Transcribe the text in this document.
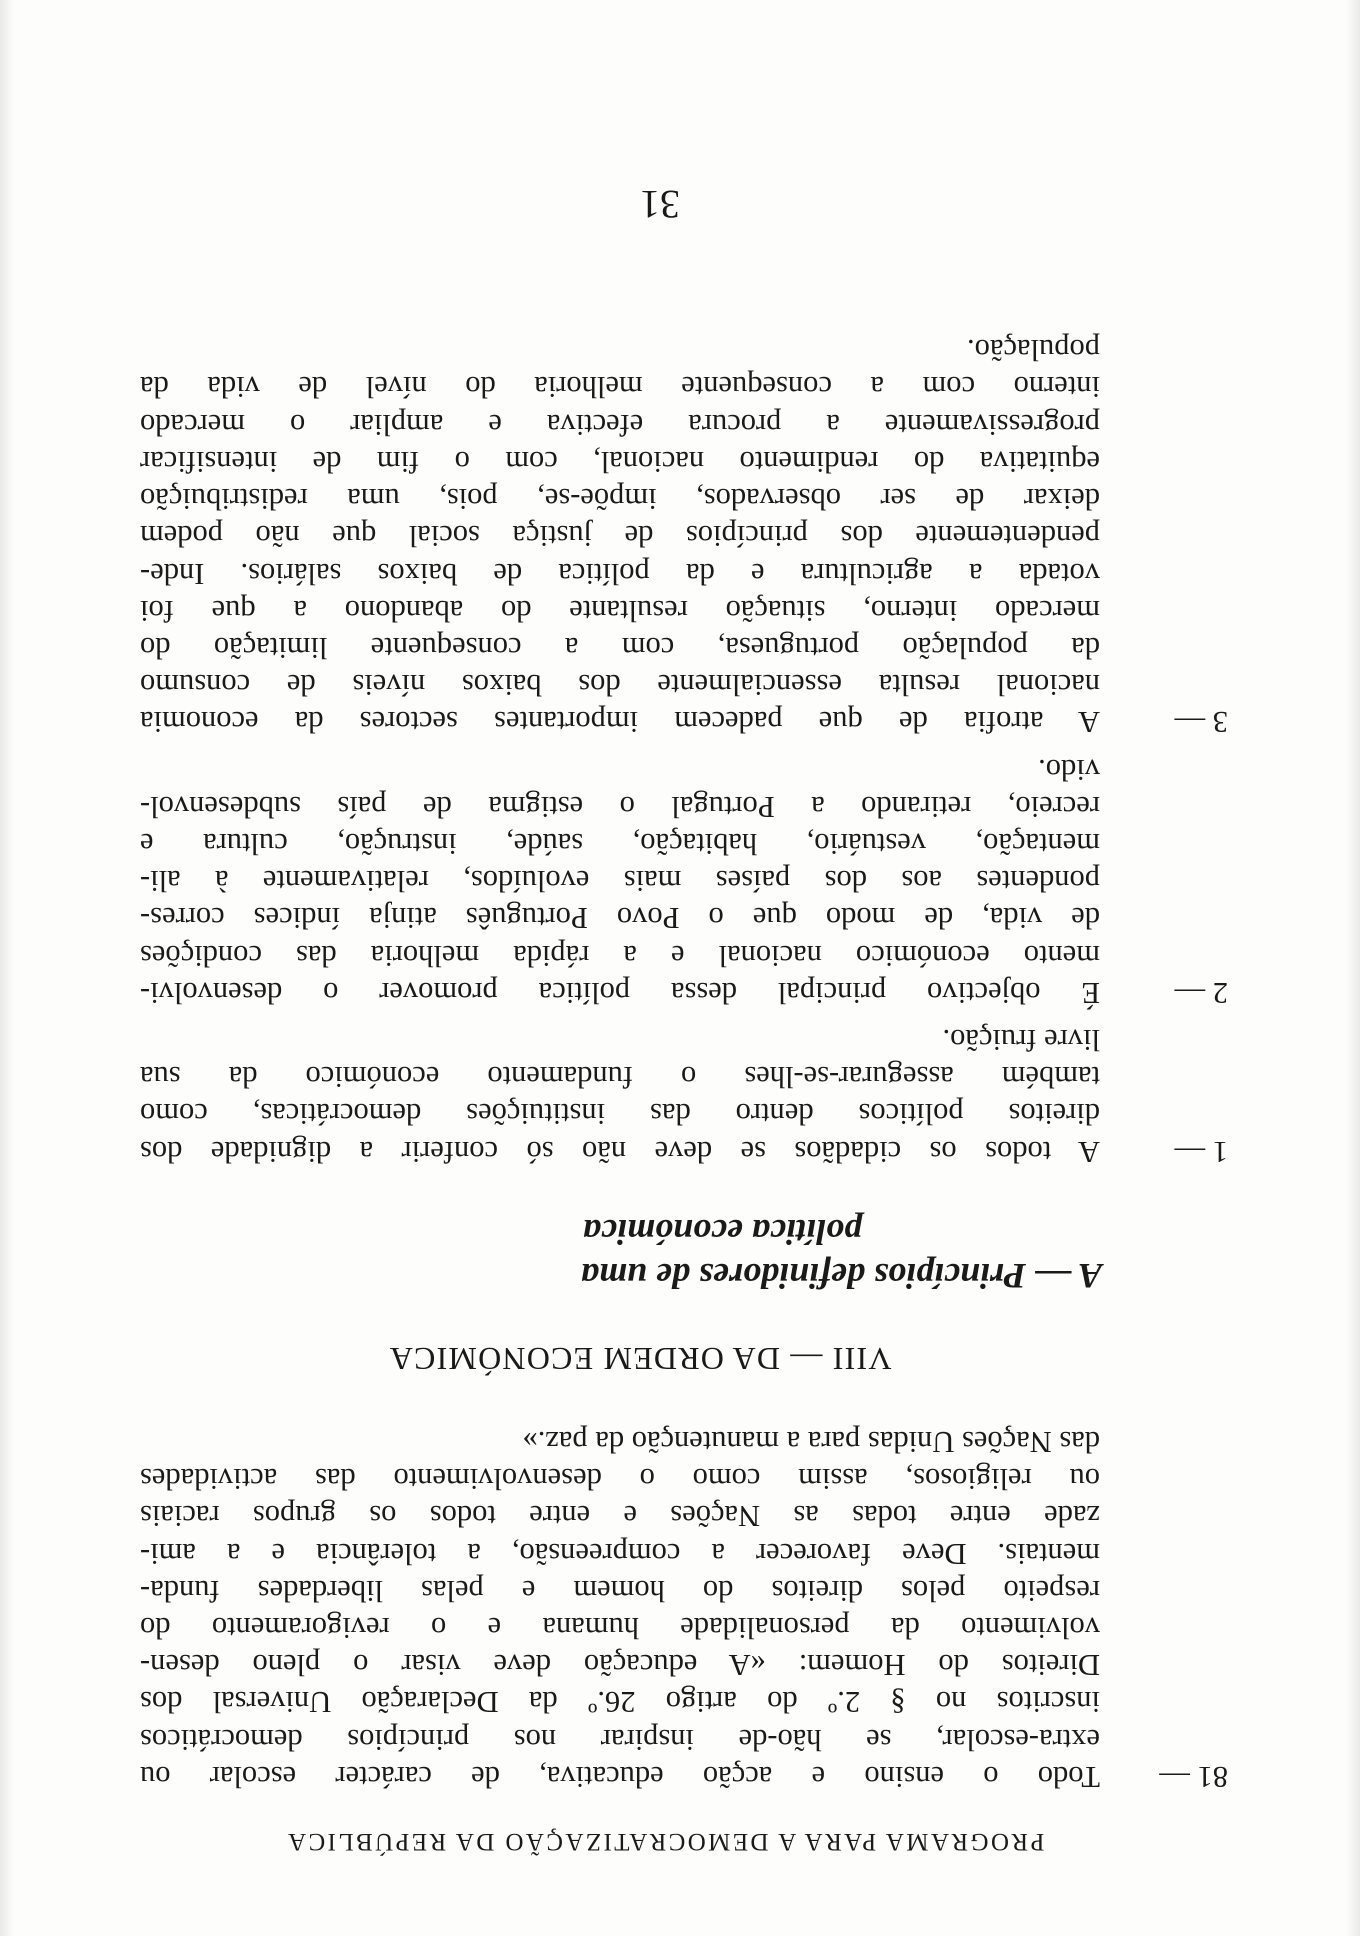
PROGRAMA PARA A DEMOCRATIZAÇÃO DA REPÚBLICA
81 —
Todo o ensino e acção educativa, de carácter escolar ou
extra-escolar, se hão-de inspirar nos princípios democráticos
inscritos no § 2.º do artigo 26.º da Declaração Universal dos
Direitos do Homem: «A educação deve visar o pleno desen-
volvimento da personalidade humana e o revigoramento do
respeito pelos direitos do homem e pelas liberdades funda-
mentais. Deve favorecer a compreensão, a tolerância e a ami-
zade entre todas as Nações e entre todos os grupos raciais
ou religiosos, assim como o desenvolvimento das actividades
das Nações Unidas para a manutenção da paz.»
VIII — DA ORDEM ECONÓMICA
A — Princípios definidores de uma
política económica
1 —
A todos os cidadãos se deve não só conferir a dignidade dos
direitos políticos dentro das instituições democráticas, como
também assegurar-se-lhes o fundamento económico da sua
livre fruição.
2 —
É objectivo principal dessa política promover o desenvolvi-
mento económico nacional e a rápida melhoria das condições
de vida, de modo que o Povo Português atinja índices corres-
pondentes aos dos países mais evoluídos, relativamente à ali-
mentação, vestuário, habitação, saúde, instrução, cultura e
recreio, retirando a Portugal o estigma de país subdesenvol-
vido.
3 —
A atrofia de que padecem importantes sectores da economia
nacional resulta essencialmente dos baixos níveis de consumo
da população portuguesa, com a consequente limitação do
mercado interno, situação resultante do abandono a que foi
votada a agricultura e da política de baixos salários. Inde-
pendentemente dos princípios de justiça social que não podem
deixar de ser observados, impõe-se, pois, uma redistribuição
equitativa do rendimento nacional, com o fim de intensificar
progressivamente a procura efectiva e ampliar o mercado
interno com a consequente melhoria do nível de vida da
população.
31
